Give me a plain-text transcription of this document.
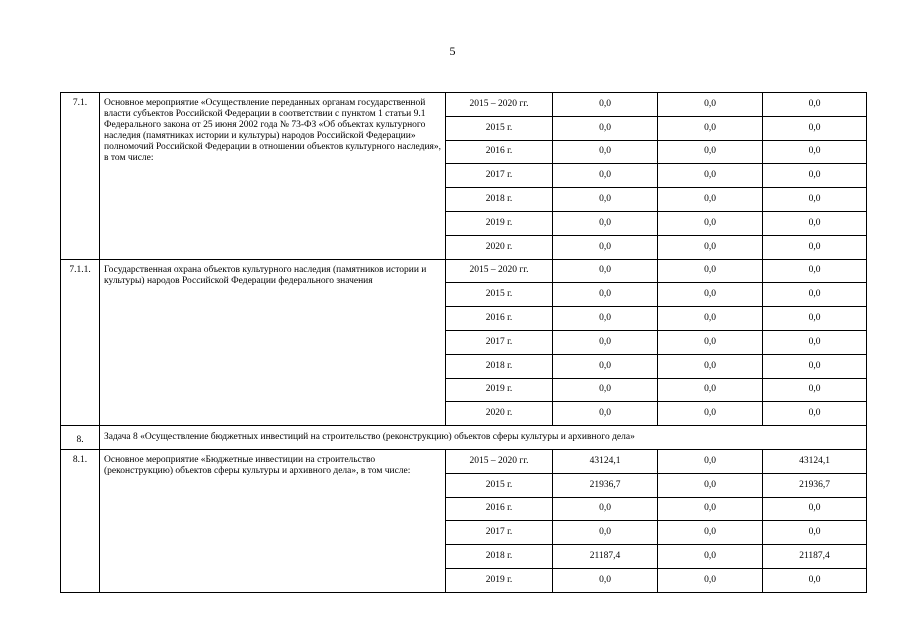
5
7.1.	Основное мероприятие «Осуществление переданных органам государственной власти субъектов Российской Федерации в соответствии с пунктом 1 статьи 9.1 Федерального закона от 25 июня 2002 года № 73-ФЗ «Об объектах культурного наследия (памятниках истории и культуры) народов Российской Федерации» полномочий Российской Федерации в отношении объектов культурного наследия», в том числе:	2015 – 2020 гг.	0,0	0,0	0,0
		2015 г.	0,0	0,0	0,0
		2016 г.	0,0	0,0	0,0
		2017 г.	0,0	0,0	0,0
		2018 г.	0,0	0,0	0,0
		2019 г.	0,0	0,0	0,0
		2020 г.	0,0	0,0	0,0
7.1.1.	Государственная охрана объектов культурного наследия (памятников истории и культуры) народов Российской Федерации федерального значения	2015 – 2020 гг.	0,0	0,0	0,0
		2015 г.	0,0	0,0	0,0
		2016 г.	0,0	0,0	0,0
		2017 г.	0,0	0,0	0,0
		2018 г.	0,0	0,0	0,0
		2019 г.	0,0	0,0	0,0
		2020 г.	0,0	0,0	0,0
8.	Задача 8 «Осуществление бюджетных инвестиций на строительство (реконструкцию) объектов сферы культуры и архивного дела»				
8.1.	Основное мероприятие «Бюджетные инвестиции на строительство (реконструкцию) объектов сферы культуры и архивного дела», в том числе:	2015 – 2020 гг.	43124,1	0,0	43124,1
		2015 г.	21936,7	0,0	21936,7
		2016 г.	0,0	0,0	0,0
		2017 г.	0,0	0,0	0,0
		2018 г.	21187,4	0,0	21187,4
		2019 г.	0,0	0,0	0,0
